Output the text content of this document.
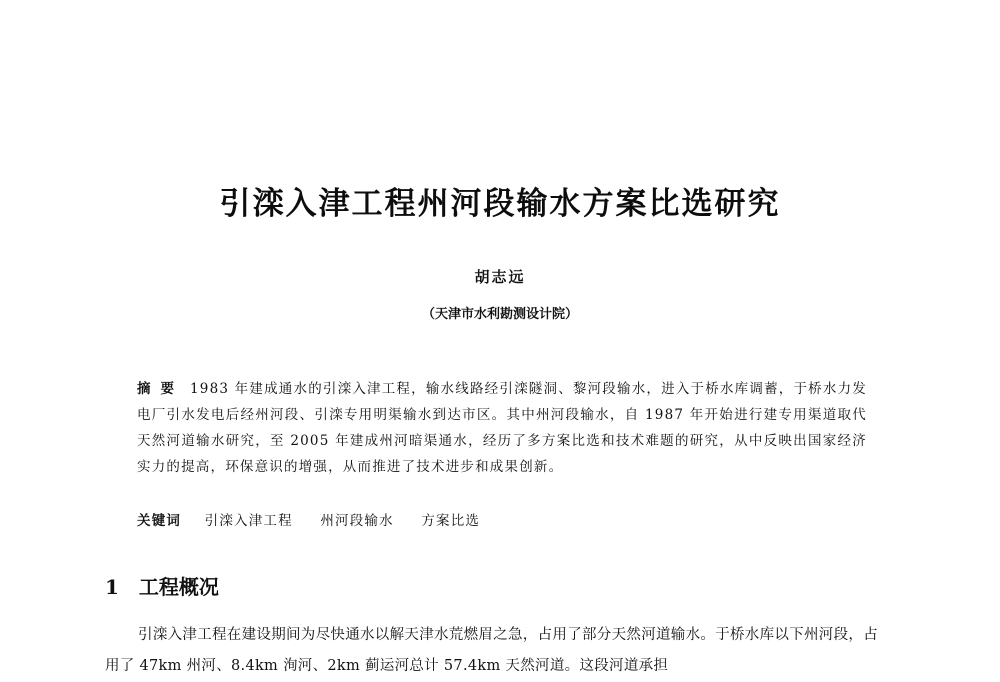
引滦入津工程州河段输水方案比选研究
胡志远
（天津市水利勘测设计院）
摘要 1983 年建成通水的引滦入津工程，输水线路经引滦隧洞、黎河段输水，进入于桥水库调蓄，于桥水力发电厂引水发电后经州河段、引滦专用明渠输水到达市区。其中州河段输水，自 1987 年开始进行建专用渠道取代天然河道输水研究，至 2005 年建成州河暗渠通水，经历了多方案比选和技术难题的研究，从中反映出国家经济实力的提高，环保意识的增强，从而推进了技术进步和成果创新。
关键词 引滦入津工程 州河段输水 方案比选
1 工程概况
引滦入津工程在建设期间为尽快通水以解天津水荒燃眉之急，占用了部分天然河道输水。于桥水库以下州河段，占用了 47km 州河、8.4km 洵河、2km 蓟运河总计 57.4km 天然河道。这段河道承担
